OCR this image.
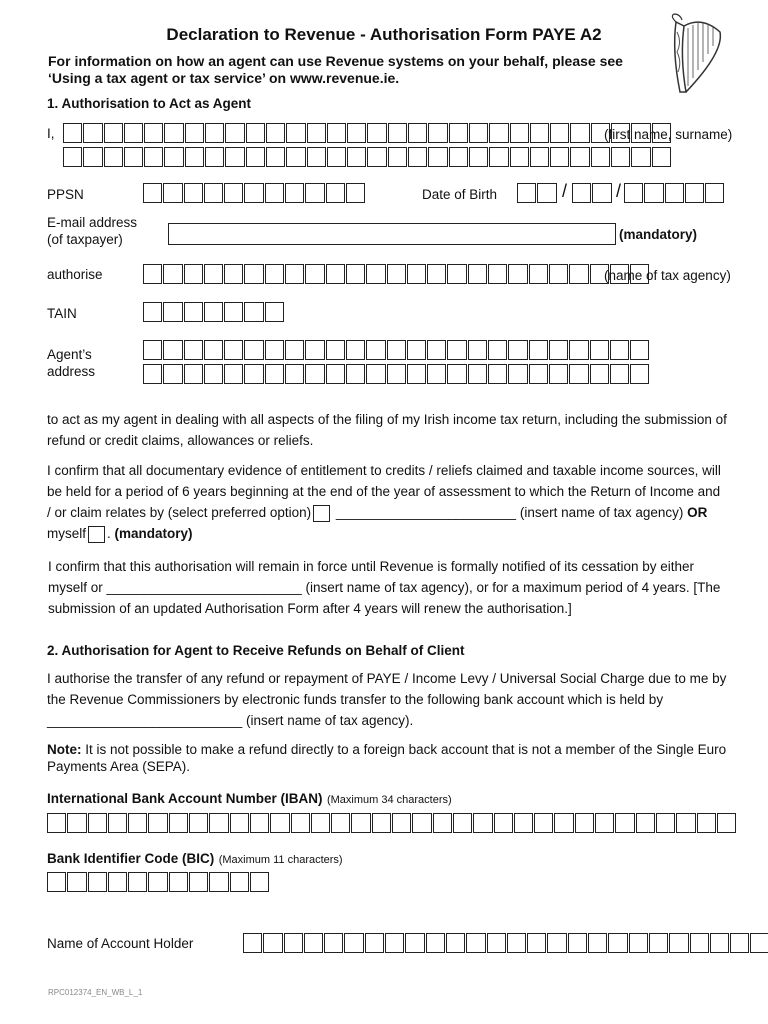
Declaration to Revenue - Authorisation Form PAYE A2
For information on how an agent can use Revenue systems on your behalf, please see ‘Using a tax agent or tax service’ on www.revenue.ie.
1. Authorisation to Act as Agent
I,	(first name, surname)
PPSN	Date of Birth	/	/
E-mail address
(of taxpayer)	(mandatory)
authorise	(name of tax agency)
TAIN
Agent’s
address
to act as my agent in dealing with all aspects of the filing of my Irish income tax return, including the submission of refund or credit claims, allowances or reliefs.
I confirm that all documentary evidence of entitlement to credits / reliefs claimed and taxable income sources, will be held for a period of 6 years beginning at the end of the year of assessment to which the Return of Income and / or claim relates by (select preferred option) ________________________ (insert name of tax agency) OR myself . (mandatory)
I confirm that this authorisation will remain in force until Revenue is formally notified of its cessation by either myself or __________________________ (insert name of tax agency), or for a maximum period of 4 years. [The submission of an updated Authorisation Form after 4 years will renew the authorisation.]
2. Authorisation for Agent to Receive Refunds on Behalf of Client
I authorise the transfer of any refund or repayment of PAYE / Income Levy / Universal Social Charge due to me by the Revenue Commissioners by electronic funds transfer to the following bank account which is held by __________________________ (insert name of tax agency).
Note: It is not possible to make a refund directly to a foreign back account that is not a member of the Single Euro Payments Area (SEPA).
International Bank Account Number (IBAN) (Maximum 34 characters)
Bank Identifier Code (BIC) (Maximum 11 characters)
Name of Account Holder
RPC012374_EN_WB_L_1
